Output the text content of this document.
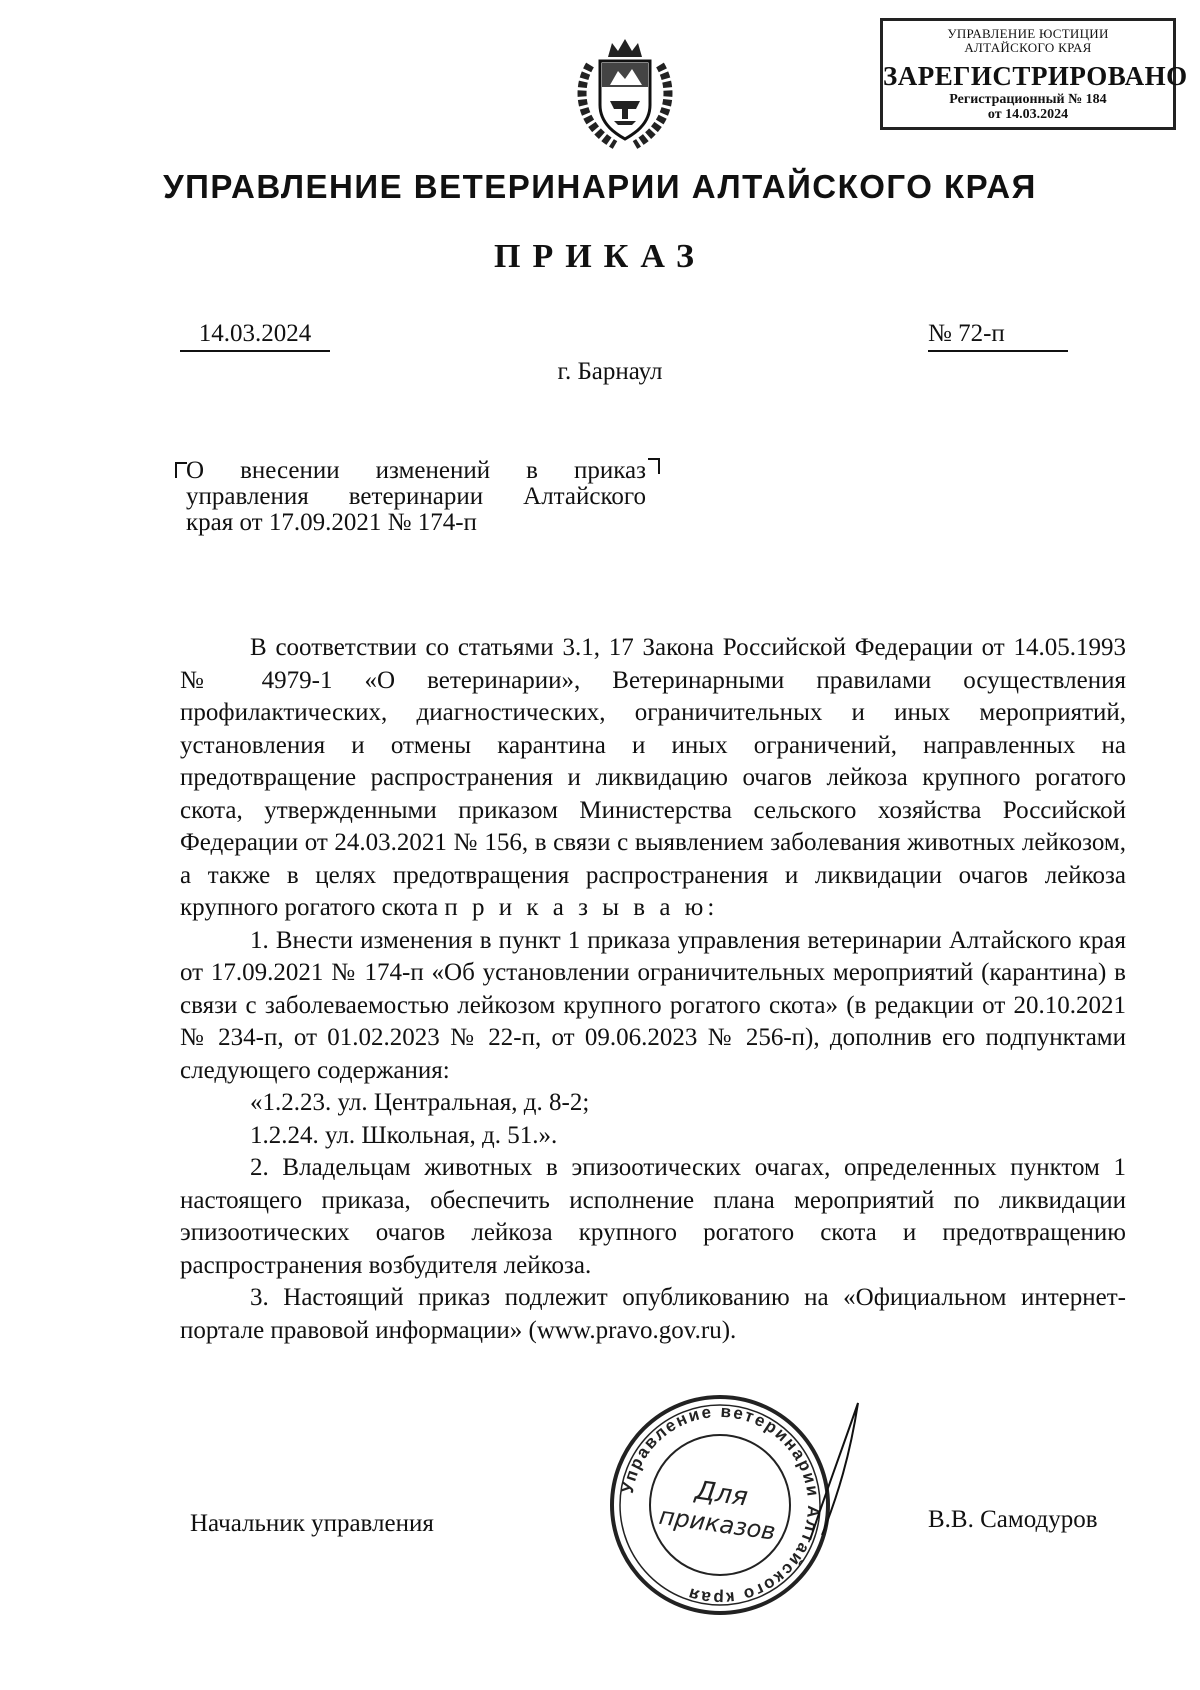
УПРАВЛЕНИЕ ЮСТИЦИИ
АЛТАЙСКОГО КРАЯ
ЗАРЕГИСТРИРОВАНО
Регистрационный № 184
от 14.03.2024
УПРАВЛЕНИЕ ВЕТЕРИНАРИИ АЛТАЙСКОГО КРАЯ
ПРИКАЗ
14.03.2024	№ 72-п
г. Барнаул
О внесении изменений в приказ
управления ветеринарии Алтайского
края от 17.09.2021 № 174-п

В соответствии со статьями 3.1, 17 Закона Российской Федерации от 14.05.1993 № 4979-1 «О ветеринарии», Ветеринарными правилами осуществления профилактических, диагностических, ограничительных и иных мероприятий, установления и отмены карантина и иных ограничений, направленных на предотвращение распространения и ликвидацию очагов лейкоза крупного рогатого скота, утвержденными приказом Министерства сельского хозяйства Российской Федерации от 24.03.2021 № 156, в связи с выявлением заболевания животных лейкозом, а также в целях предотвращения распространения и ликвидации очагов лейкоза крупного рогатого скота п р и к а з ы в а ю:

1. Внести изменения в пункт 1 приказа управления ветеринарии Алтайского края от 17.09.2021 № 174-п «Об установлении ограничительных мероприятий (карантина) в связи с заболеваемостью лейкозом крупного рогатого скота» (в редакции от 20.10.2021 № 234-п, от 01.02.2023 № 22-п, от 09.06.2023 № 256-п), дополнив его подпунктами следующего содержания:

«1.2.23. ул. Центральная, д. 8-2;

1.2.24. ул. Школьная, д. 51.».

2. Владельцам животных в эпизоотических очагах, определенных пунктом 1 настоящего приказа, обеспечить исполнение плана мероприятий по ликвидации эпизоотических очагов лейкоза крупного рогатого скота и предотвращению распространения возбудителя лейкоза.

3. Настоящий приказ подлежит опубликованию на «Официальном интернет-портале правовой информации» (www.pravo.gov.ru).

Управление ветеринарии Алтайского края
Для
приказов
Начальник управления	В.В. Самодуров
